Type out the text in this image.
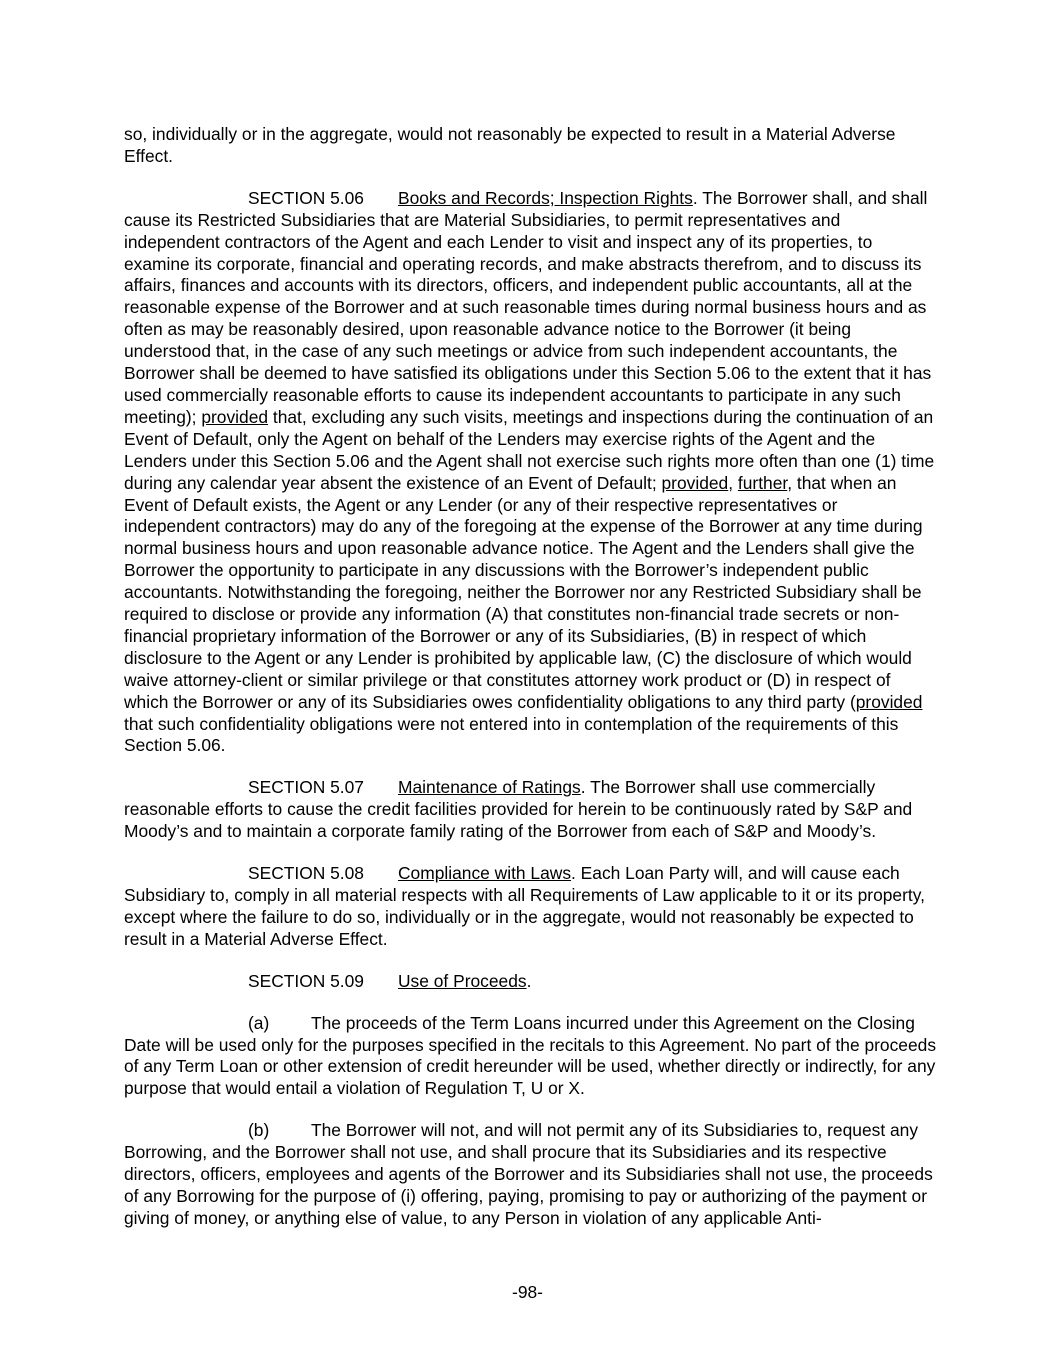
so, individually or in the aggregate, would not reasonably be expected to result in a Material Adverse Effect.

SECTION 5.06 Books and Records; Inspection Rights. The Borrower shall, and shall cause its Restricted Subsidiaries that are Material Subsidiaries, to permit representatives and independent contractors of the Agent and each Lender to visit and inspect any of its properties, to examine its corporate, financial and operating records, and make abstracts therefrom, and to discuss its affairs, finances and accounts with its directors, officers, and independent public accountants, all at the reasonable expense of the Borrower and at such reasonable times during normal business hours and as often as may be reasonably desired, upon reasonable advance notice to the Borrower (it being understood that, in the case of any such meetings or advice from such independent accountants, the Borrower shall be deemed to have satisfied its obligations under this Section 5.06 to the extent that it has used commercially reasonable efforts to cause its independent accountants to participate in any such meeting); provided that, excluding any such visits, meetings and inspections during the continuation of an Event of Default, only the Agent on behalf of the Lenders may exercise rights of the Agent and the Lenders under this Section 5.06 and the Agent shall not exercise such rights more often than one (1) time during any calendar year absent the existence of an Event of Default; provided, further, that when an Event of Default exists, the Agent or any Lender (or any of their respective representatives or independent contractors) may do any of the foregoing at the expense of the Borrower at any time during normal business hours and upon reasonable advance notice. The Agent and the Lenders shall give the Borrower the opportunity to participate in any discussions with the Borrower’s independent public accountants. Notwithstanding the foregoing, neither the Borrower nor any Restricted Subsidiary shall be required to disclose or provide any information (A) that constitutes non-financial trade secrets or non-financial proprietary information of the Borrower or any of its Subsidiaries, (B) in respect of which disclosure to the Agent or any Lender is prohibited by applicable law, (C) the disclosure of which would waive attorney-client or similar privilege or that constitutes attorney work product or (D) in respect of which the Borrower or any of its Subsidiaries owes confidentiality obligations to any third party (provided that such confidentiality obligations were not entered into in contemplation of the requirements of this Section 5.06.

SECTION 5.07 Maintenance of Ratings. The Borrower shall use commercially reasonable efforts to cause the credit facilities provided for herein to be continuously rated by S&P and Moody’s and to maintain a corporate family rating of the Borrower from each of S&P and Moody’s.

SECTION 5.08 Compliance with Laws. Each Loan Party will, and will cause each Subsidiary to, comply in all material respects with all Requirements of Law applicable to it or its property, except where the failure to do so, individually or in the aggregate, would not reasonably be expected to result in a Material Adverse Effect.

SECTION 5.09 Use of Proceeds.

(a) The proceeds of the Term Loans incurred under this Agreement on the Closing Date will be used only for the purposes specified in the recitals to this Agreement. No part of the proceeds of any Term Loan or other extension of credit hereunder will be used, whether directly or indirectly, for any purpose that would entail a violation of Regulation T, U or X.

(b) The Borrower will not, and will not permit any of its Subsidiaries to, request any Borrowing, and the Borrower shall not use, and shall procure that its Subsidiaries and its respective directors, officers, employees and agents of the Borrower and its Subsidiaries shall not use, the proceeds of any Borrowing for the purpose of (i) offering, paying, promising to pay or authorizing of the payment or giving of money, or anything else of value, to any Person in violation of any applicable Anti-

-98-
